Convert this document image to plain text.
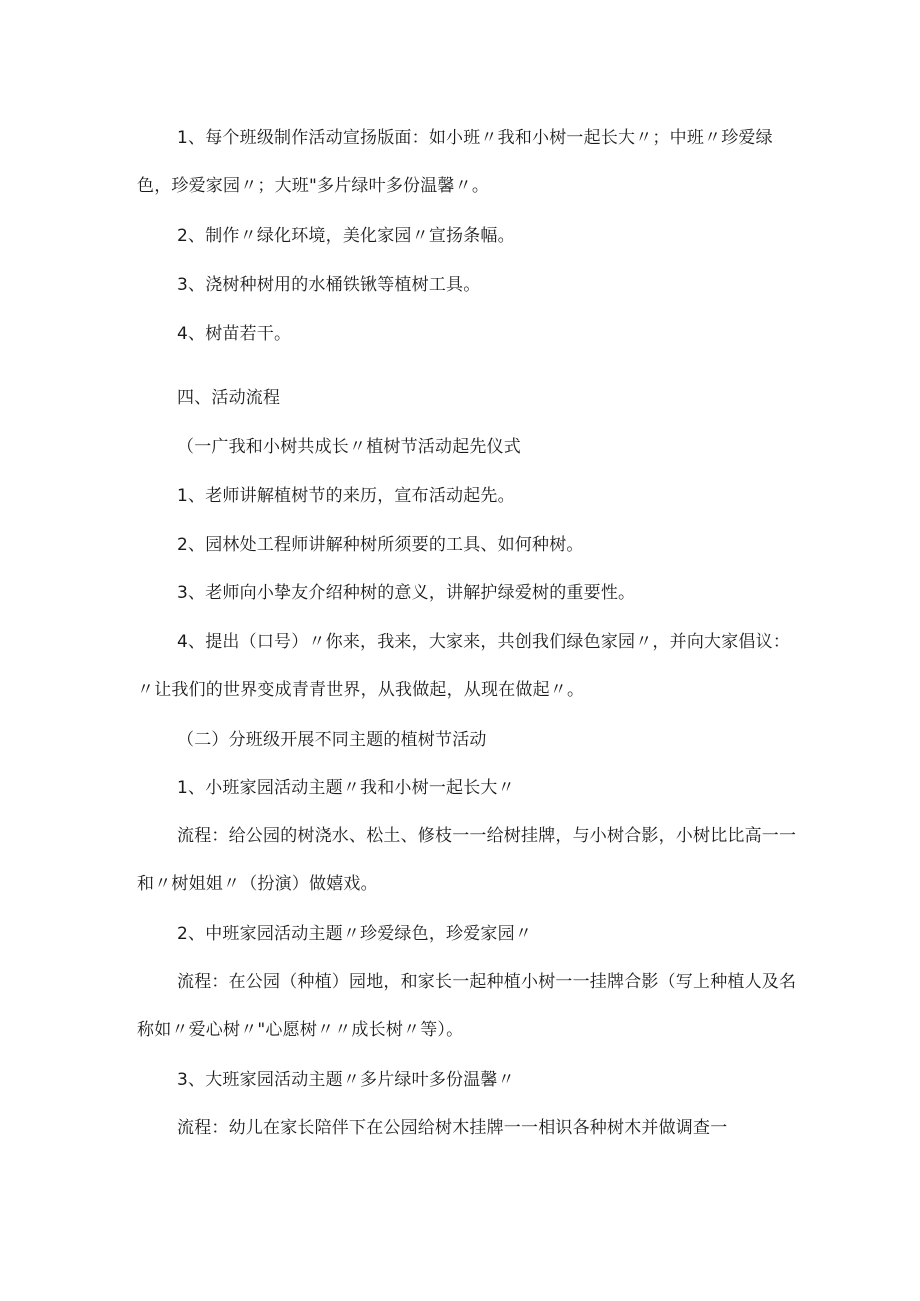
1、每个班级制作活动宣扬版面：如小班〃我和小树一起长大〃；中班〃珍爱绿色，珍爱家园〃；大班"多片绿叶多份温馨〃。

2、制作〃绿化环境，美化家园〃宣扬条幅。

3、浇树种树用的水桶铁锹等植树工具。

4、树苗若干。

四、活动流程

（一广我和小树共成长〃植树节活动起先仪式

1、老师讲解植树节的来历，宣布活动起先。

2、园林处工程师讲解种树所须要的工具、如何种树。

3、老师向小挚友介绍种树的意义，讲解护绿爱树的重要性。

4、提出（口号）〃你来，我来，大家来，共创我们绿色家园〃，并向大家倡议：〃让我们的世界变成青青世界，从我做起，从现在做起〃。

（二）分班级开展不同主题的植树节活动

1、小班家园活动主题〃我和小树一起长大〃

流程：给公园的树浇水、松土、修枝一一给树挂牌，与小树合影，小树比比高一一和〃树姐姐〃（扮演）做嬉戏。

2、中班家园活动主题〃珍爱绿色，珍爱家园〃

流程：在公园（种植）园地，和家长一起种植小树一一挂牌合影（写上种植人及名称如〃爱心树〃"心愿树〃〃成长树〃等）。

3、大班家园活动主题〃多片绿叶多份温馨〃

流程：幼儿在家长陪伴下在公园给树木挂牌一一相识各种树木并做调查一
